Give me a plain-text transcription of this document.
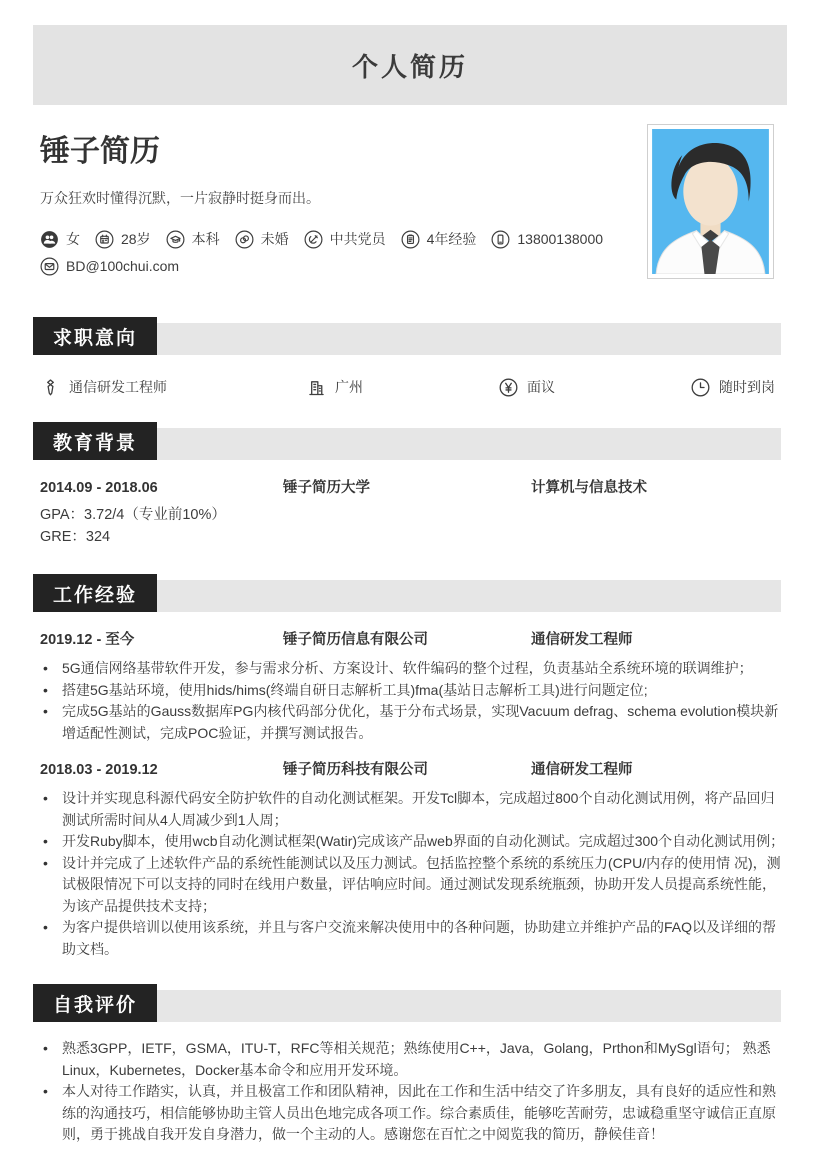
个人简历
锤子简历

万众狂欢时懂得沉默，一片寂静时挺身而出。

女	28岁	本科	未婚	中共党员	4年经验	13800138000
BD@100chui.com
求职意向
通信研发工程师	广州	面议	随时到岗
教育背景
2014.09 - 2018.06	锤子简历大学	计算机与信息技术
GPA：3.72/4（专业前10%）
GRE：324
工作经验
2019.12 - 至今	锤子简历信息有限公司	通信研发工程师
• 5G通信网络基带软件开发，参与需求分析、方案设计、软件编码的整个过程，负责基站全系统环境的联调维护；
• 搭建5G基站环境，使用hids/hims(终端自研日志解析工具)fma(基站日志解析工具)进行问题定位;
• 完成5G基站的Gauss数据库PG内核代码部分优化，基于分布式场景，实现Vacuum defrag、schema evolution模块新增适配性测试，完成POC验证，并撰写测试报告。
2018.03 - 2019.12	锤子简历科技有限公司	通信研发工程师
• 设计并实现息科源代码安全防护软件的自动化测试框架。开发Tcl脚本，完成超过800个自动化测试用例，将产品回归测试所需时间从4人周减少到1人周；
• 开发Ruby脚本，使用wcb自动化测试框架(Watir)完成该产品web界面的自动化测试。完成超过300个自动化测试用例；
• 设计并完成了上述软件产品的系统性能测试以及压力测试。包括监控整个系统的系统压力(CPU/内存的使用情 况)，测试极限情况下可以支持的同时在线用户数量，评估响应时间。通过测试发现系统瓶颈，协助开发人员提高系统性能，为该产品提供技术支持；
• 为客户提供培训以使用该系统，并且与客户交流来解决使用中的各种问题，协助建立并维护产品的FAQ以及详细的帮助文档。
自我评价
• 熟悉3GPP，IETF，GSMA，ITU-T，RFC等相关规范；熟练使用C++，Java，Golang，Prthon和MySgl语句； 熟悉Linux，Kubernetes，Docker基本命令和应用开发环境。
• 本人对待工作踏实，认真，并且极富工作和团队精神，因此在工作和生活中结交了许多朋友，具有良好的适应性和熟练的沟通技巧，相信能够协助主管人员出色地完成各项工作。综合素质佳，能够吃苦耐劳，忠诚稳重坚守诚信正直原则，勇于挑战自我开发自身潜力，做一个主动的人。感谢您在百忙之中阅览我的简历，静候佳音！
